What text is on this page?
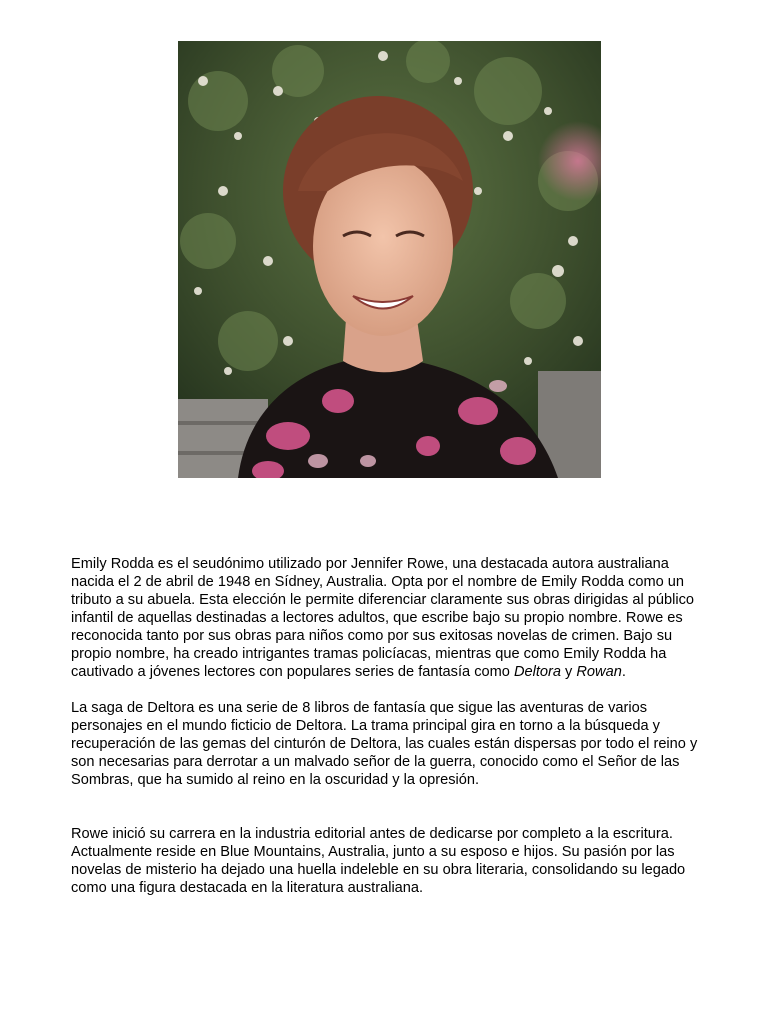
Emily Rodda es el seudónimo utilizado por Jennifer Rowe, una destacada autora australiana nacida el 2 de abril de 1948 en Sídney, Australia. Opta por el nombre de Emily Rodda como un tributo a su abuela. Esta elección le permite diferenciar claramente sus obras dirigidas al público infantil de aquellas destinadas a lectores adultos, que escribe bajo su propio nombre. Rowe es reconocida tanto por sus obras para niños como por sus exitosas novelas de crimen. Bajo su propio nombre, ha creado intrigantes tramas policíacas, mientras que como Emily Rodda ha cautivado a jóvenes lectores con populares series de fantasía como Deltora y Rowan.

La saga de Deltora es una serie de 8 libros de fantasía que sigue las aventuras de varios personajes en el mundo ficticio de Deltora. La trama principal gira en torno a la búsqueda y recuperación de las gemas del cinturón de Deltora, las cuales están dispersas por todo el reino y son necesarias para derrotar a un malvado señor de la guerra, conocido como el Señor de las Sombras, que ha sumido al reino en la oscuridad y la opresión.

Rowe inició su carrera en la industria editorial antes de dedicarse por completo a la escritura. Actualmente reside en Blue Mountains, Australia, junto a su esposo e hijos. Su pasión por las novelas de misterio ha dejado una huella indeleble en su obra literaria, consolidando su legado como una figura destacada en la literatura australiana.
